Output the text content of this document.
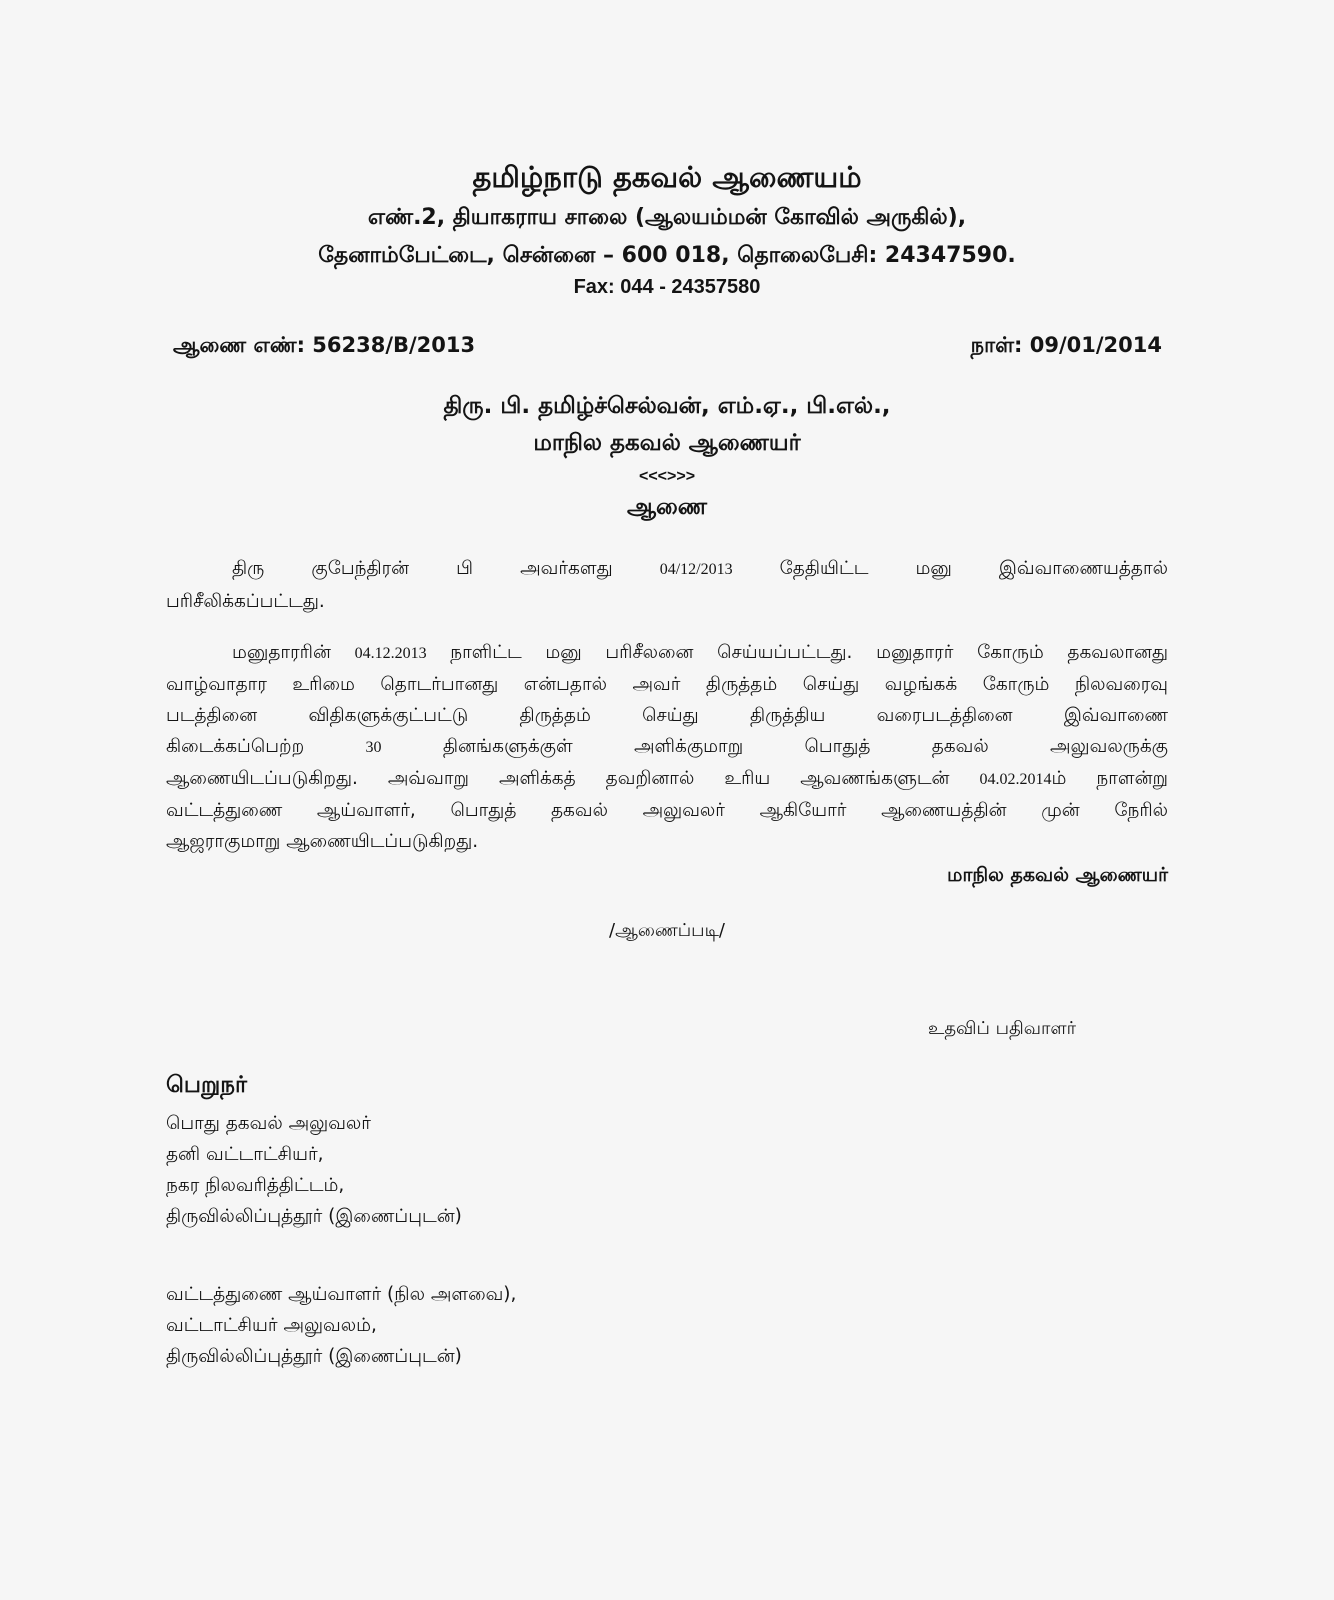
தமிழ்நாடு தகவல் ஆணையம்
எண்.2, தியாகராய சாலை (ஆலயம்மன் கோவில் அருகில்),
தேனாம்பேட்டை, சென்னை – 600 018, தொலைபேசி: 24347590.
Fax: 044 - 24357580
ஆணை எண்: 56238/B/2013	நாள்: 09/01/2014
திரு. பி. தமிழ்ச்செல்வன், எம்.ஏ., பி.எல்.,
மாநில தகவல் ஆணையர்
<<<>>>
ஆணை
திரு குபேந்திரன் பி அவர்களது 04/12/2013 தேதியிட்ட மனு இவ்வாணையத்தால்
பரிசீலிக்கப்பட்டது.
மனுதாரரின் 04.12.2013 நாளிட்ட மனு பரிசீலனை செய்யப்பட்டது. மனுதாரர் கோரும் தகவலானது
வாழ்வாதார உரிமை தொடர்பானது என்பதால் அவர் திருத்தம் செய்து வழங்கக் கோரும் நிலவரைவு
படத்தினை விதிகளுக்குட்பட்டு திருத்தம் செய்து திருத்திய வரைபடத்தினை இவ்வாணை
கிடைக்கப்பெற்ற 30 தினங்களுக்குள் அளிக்குமாறு பொதுத் தகவல் அலுவலருக்கு
ஆணையிடப்படுகிறது. அவ்வாறு அளிக்கத் தவறினால் உரிய ஆவணங்களுடன் 04.02.2014ம் நாளன்று
வட்டத்துணை ஆய்வாளர், பொதுத் தகவல் அலுவலர் ஆகியோர் ஆணையத்தின் முன் நேரில்
ஆஜராகுமாறு ஆணையிடப்படுகிறது.
மாநில தகவல் ஆணையர்
/ஆணைப்படி/
உதவிப் பதிவாளர்
பெறுநர்
பொது தகவல் அலுவலர்
தனி வட்டாட்சியர்,
நகர நிலவரித்திட்டம்,
திருவில்லிப்புத்தூர் (இணைப்புடன்)
வட்டத்துணை ஆய்வாளர் (நில அளவை),
வட்டாட்சியர் அலுவலம்,
திருவில்லிப்புத்தூர் (இணைப்புடன்)
